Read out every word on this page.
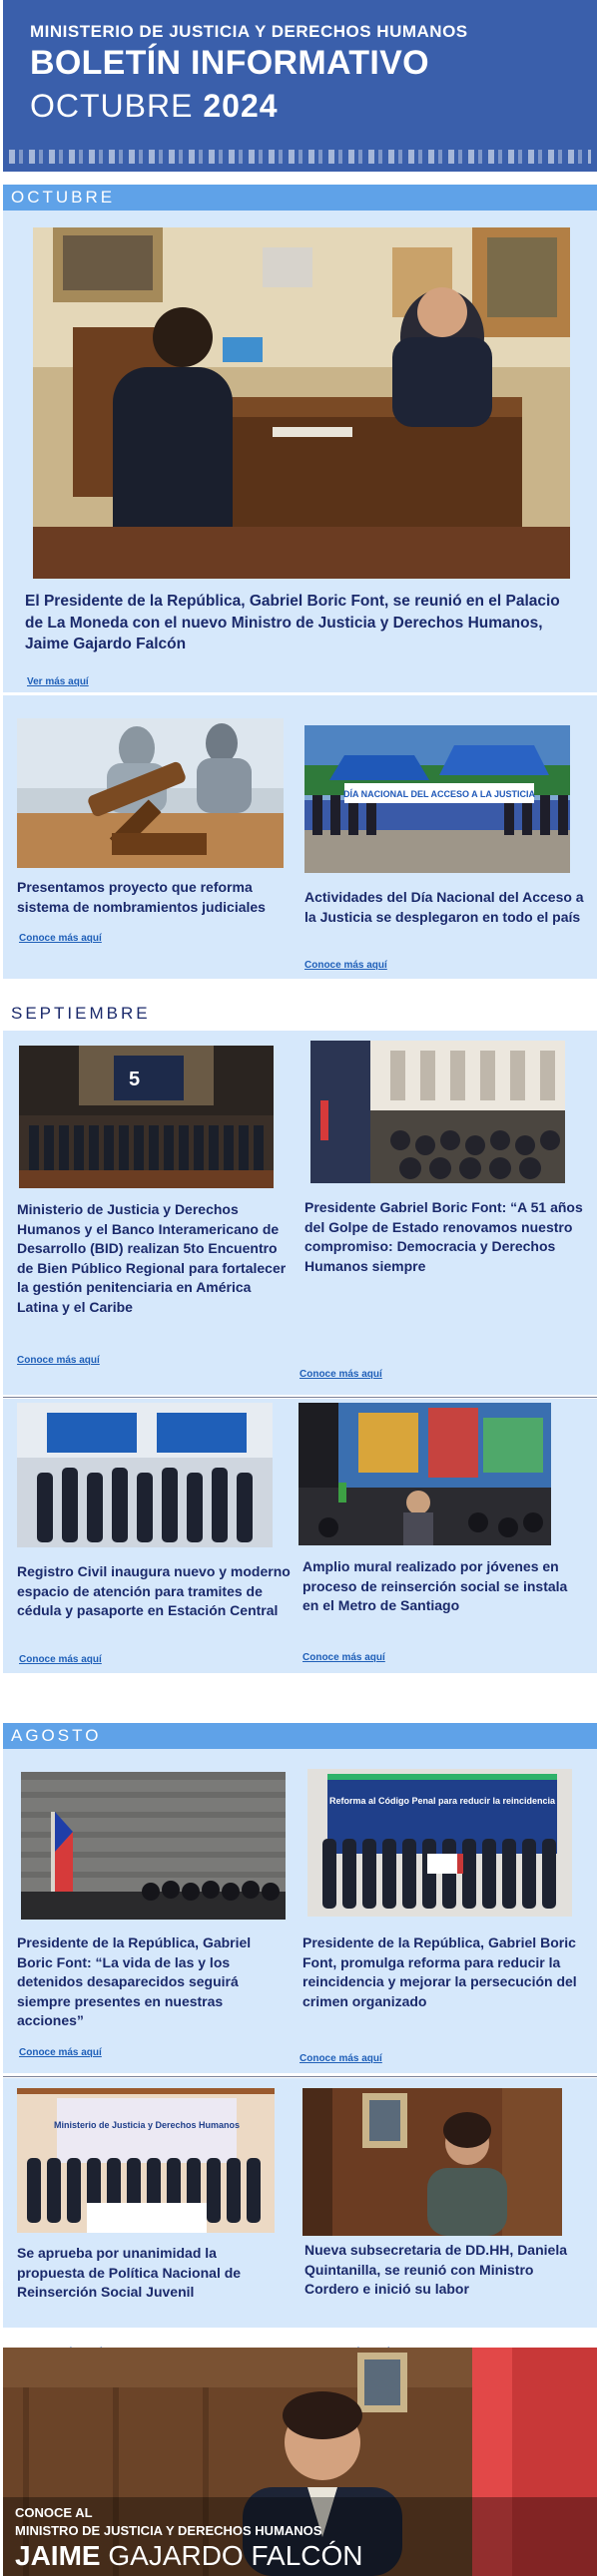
MINISTERIO DE JUSTICIA Y DERECHOS HUMANOS
BOLETÍN INFORMATIVO
OCTUBRE 2024
OCTUBRE
El Presidente de la República, Gabriel Boric Font, se reunió en el Palacio de La Moneda con el nuevo Ministro de Justicia y Derechos Humanos, Jaime Gajardo Falcón
Ver más aquí
Presentamos proyecto que reforma sistema de nombramientos judiciales
Conoce más aquí
DÍA NACIONAL DEL ACCESO A LA JUSTICIA
Actividades del Día Nacional del Acceso a la Justicia se desplegaron en todo el país
Conoce más aquí
SEPTIEMBRE
5
Ministerio de Justicia y Derechos Humanos y el Banco Interamericano de Desarrollo (BID) realizan 5to Encuentro de Bien Público Regional para fortalecer la gestión penitenciaria en América Latina y el Caribe
Conoce más aquí
Presidente Gabriel Boric Font: “A 51 años del Golpe de Estado renovamos nuestro compromiso: Democracia y Derechos Humanos siempre
Conoce más aquí
Registro Civil inaugura nuevo y moderno espacio de atención para tramites de cédula y pasaporte en Estación Central
Conoce más aquí
Amplio mural realizado por jóvenes en proceso de reinserción social se instala en el Metro de Santiago
Conoce más aquí
AGOSTO
Presidente de la República, Gabriel Boric Font: “La vida de las y los detenidos desaparecidos seguirá siempre presentes en nuestras acciones”
Conoce más aquí
Reforma al Código Penal para reducir la reincidencia
Presidente de la República, Gabriel Boric Font, promulga reforma para reducir la reincidencia y mejorar la persecución del crimen organizado
Conoce más aquí
Ministerio de Justicia y Derechos Humanos
Se aprueba por unanimidad la propuesta de Política Nacional de Reinserción Social Juvenil
Nueva subsecretaria de DD.HH, Daniela Quintanilla, se reunió con Ministro Cordero e inició su labor
CONOCE AL
MINISTRO DE JUSTICIA Y DERECHOS HUMANOS
JAIME GAJARDO FALCÓN
